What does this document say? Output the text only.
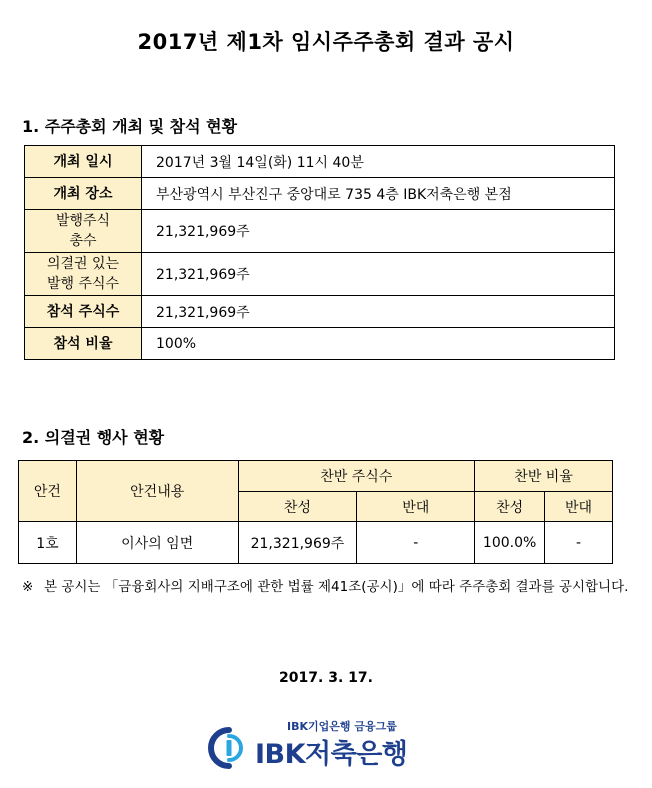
2017년 제1차 임시주주총회 결과 공시
1. 주주총회 개최 및 참석 현황
개최 일시	2017년 3월 14일(화) 11시 40분
개최 장소	부산광역시 부산진구 중앙대로 735 4층 IBK저축은행 본점

발행주식
총수	21,321,969주

의결권 있는
발행 주식수	21,321,969주
참석 주식수	21,321,969주
참석 비율	100%
2. 의결권 행사 현황
안건	안건내용	찬반 주식수		찬반 비율	
		찬성	반대	찬성	반대
1호	이사의 임면	21,321,969주	-	100.0%	-
※ 본 공시는 「금융회사의 지배구조에 관한 법률 제41조(공시)」에 따라 주주총회 결과를 공시합니다.
2017. 3. 17.
IBK기업은행 금융그룹
IBK저축은행
